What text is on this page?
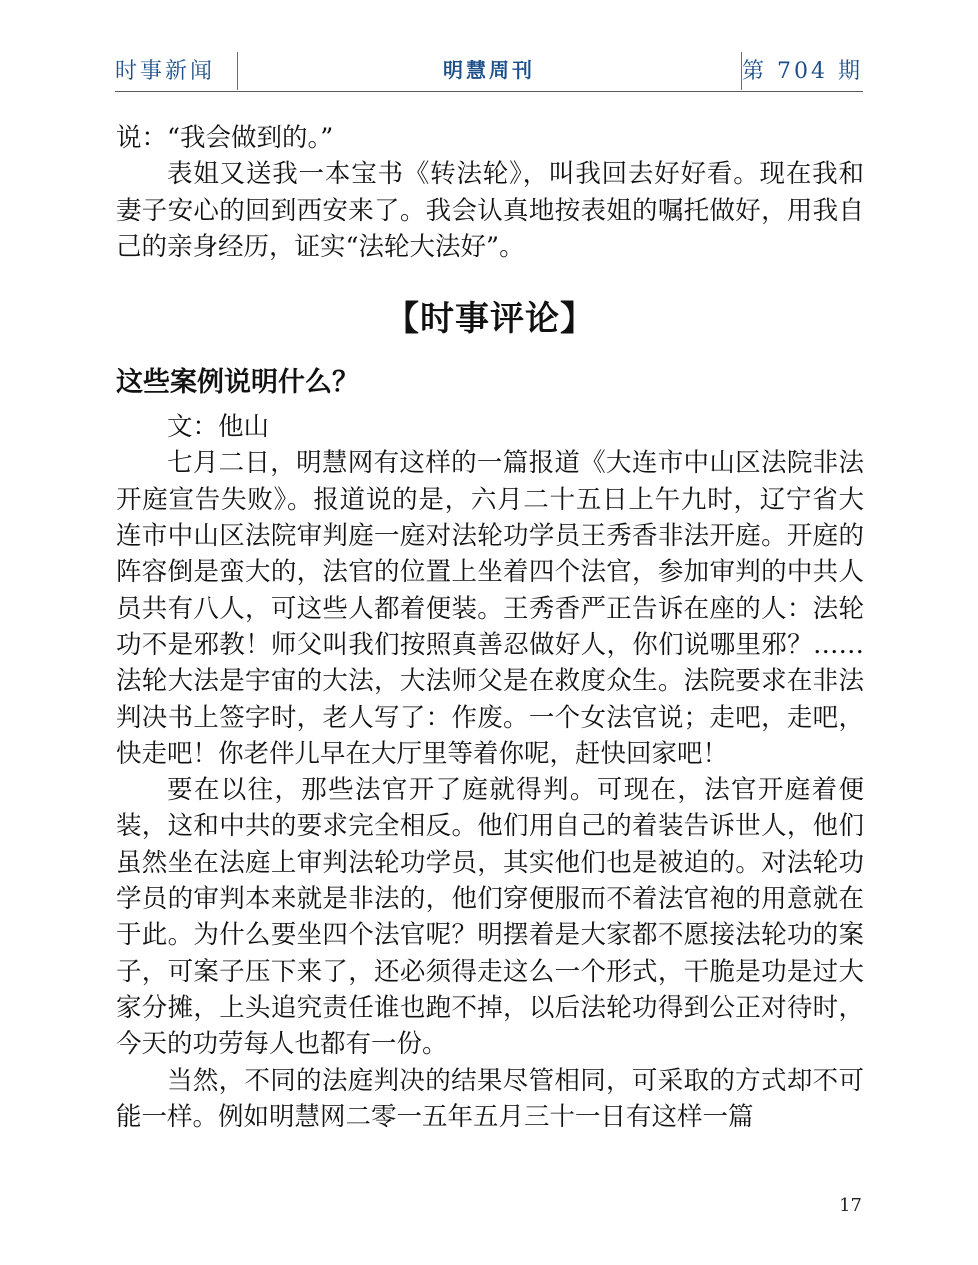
时事新闻	明慧周刊	第 704 期

说：“我会做到的。”

表姐又送我一本宝书《转法轮》，叫我回去好好看。现在我和妻子安心的回到西安来了。我会认真地按表姐的嘱托做好，用我自己的亲身经历，证实“法轮大法好”。

【时事评论】
这些案例说明什么？

文：他山

七月二日，明慧网有这样的一篇报道《大连市中山区法院非法开庭宣告失败》。报道说的是，六月二十五日上午九时，辽宁省大连市中山区法院审判庭一庭对法轮功学员王秀香非法开庭。开庭的阵容倒是蛮大的，法官的位置上坐着四个法官，参加审判的中共人员共有八人，可这些人都着便装。王秀香严正告诉在座的人：法轮功不是邪教！师父叫我们按照真善忍做好人，你们说哪里邪？……法轮大法是宇宙的大法，大法师父是在救度众生。法院要求在非法判决书上签字时，老人写了：作废。一个女法官说；走吧，走吧，快走吧！你老伴儿早在大厅里等着你呢，赶快回家吧！

要在以往，那些法官开了庭就得判。可现在，法官开庭着便装，这和中共的要求完全相反。他们用自己的着装告诉世人，他们虽然坐在法庭上审判法轮功学员，其实他们也是被迫的。对法轮功学员的审判本来就是非法的，他们穿便服而不着法官袍的用意就在于此。为什么要坐四个法官呢？明摆着是大家都不愿接法轮功的案子，可案子压下来了，还必须得走这么一个形式，干脆是功是过大家分摊，上头追究责任谁也跑不掉，以后法轮功得到公正对待时，今天的功劳每人也都有一份。

当然，不同的法庭判决的结果尽管相同，可采取的方式却不可能一样。例如明慧网二零一五年五月三十一日有这样一篇

17
